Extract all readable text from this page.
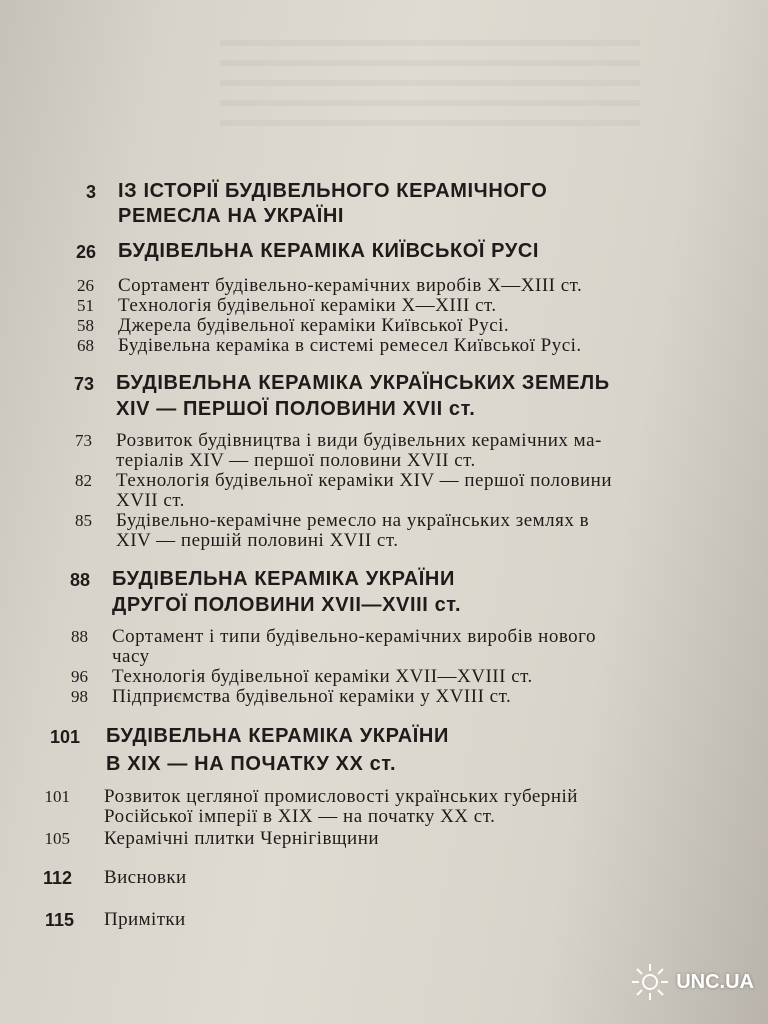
3 ІЗ ІСТОРІЇ БУДІВЕЛЬНОГО КЕРАМІЧНОГО
РЕМЕСЛА НА УКРАЇНІ
26 БУДІВЕЛЬНА КЕРАМІКА КИЇВСЬКОЇ РУСІ
26 Сортамент будівельно-керамічних виробів X—XIII ст.
51 Технологія будівельної кераміки X—XIII ст.
58 Джерела будівельної кераміки Київської Русі.
68 Будівельна кераміка в системі ремесел Київської Русі.
73 БУДІВЕЛЬНА КЕРАМІКА УКРАЇНСЬКИХ ЗЕМЕЛЬ
XIV — ПЕРШОЇ ПОЛОВИНИ XVII ст.
73 Розвиток будівництва і види будівельних керамічних ма-
теріалів XIV — першої половини XVII ст.
82 Технологія будівельної кераміки XIV — першої половини
XVII ст.
85 Будівельно-керамічне ремесло на українських землях в
XIV — першій половині XVII ст.
88 БУДІВЕЛЬНА КЕРАМІКА УКРАЇНИ
ДРУГОЇ ПОЛОВИНИ XVII—XVIII ст.
88 Сортамент і типи будівельно-керамічних виробів нового
часу
96 Технологія будівельної кераміки XVII—XVIII ст.
98 Підприємства будівельної кераміки у XVIII ст.
101 БУДІВЕЛЬНА КЕРАМІКА УКРАЇНИ
В XIX — НА ПОЧАТКУ XX ст.
101 Розвиток цегляної промисловості українських губерній
Російської імперії в XIX — на початку XX ст.
105 Керамічні плитки Чернігівщини
112 Висновки
115 Примітки
UNC.UA
